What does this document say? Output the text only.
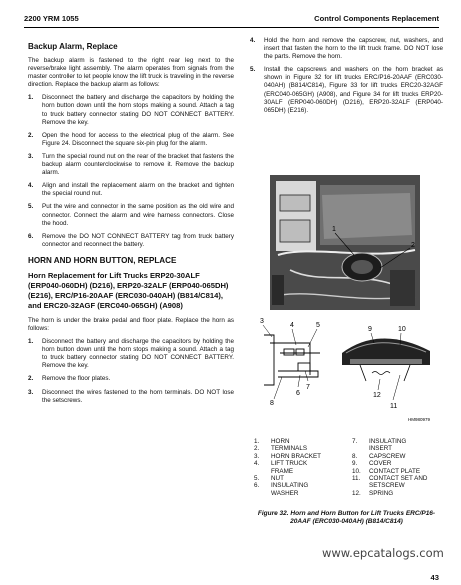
2200 YRM 1055	Control Components Replacement
Backup Alarm, Replace

The backup alarm is fastened to the right rear leg next to the reverse/brake light assembly. The alarm operates from signals from the master controller to let people know the lift truck is traveling in the reverse direction. Replace the backup alarm as follows:

1. Disconnect the battery and discharge the capacitors by holding the horn button down until the horn stops making a sound. Attach a tag to truck battery connector stating DO NOT CONNECT BATTERY. Remove the key.
2. Open the hood for access to the electrical plug of the alarm. See Figure 24. Disconnect the square six-pin plug for the alarm.
3. Turn the special round nut on the rear of the bracket that fastens the backup alarm counterclockwise to remove it. Remove the backup alarm.
4. Align and install the replacement alarm on the bracket and tighten the special round nut.
5. Put the wire and connector in the same position as the old wire and connector. Connect the alarm and wire harness connectors. Close the hood.
6. Remove the DO NOT CONNECT BATTERY tag from truck battery connector and reconnect the battery.
HORN AND HORN BUTTON, REPLACE
Horn Replacement for Lift Trucks ERP20-30ALF (ERP040-060DH) (D216), ERP20-32ALF (ERP040-065DH) (E216), ERC/P16-20AAF (ERC030-040AH) (B814/C814), and ERC20-32AGF (ERC040-065GH) (A908)

The horn is under the brake pedal and floor plate. Replace the horn as follows:

1. Disconnect the battery and discharge the capacitors by holding the horn button down until the horn stops making a sound. Attach a tag to truck battery connector stating DO NOT CONNECT BATTERY. Remove the key.
2. Remove the floor plates.
3. Disconnect the wires fastened to the horn terminals. DO NOT lose the setscrews.
4. Hold the horn and remove the capscrew, nut, washers, and insert that fasten the horn to the lift truck frame. DO NOT lose the parts. Remove the horn.
5. Install the capscrews and washers on the horn bracket as shown in Figure 32 for lift trucks ERC/P16-20AAF (ERC030-040AH) (B814/C814), Figure 33 for lift trucks ERC20-32AGF (ERC040-065GH) (A908), and Figure 34 for lift trucks ERP20-30ALF (ERP040-060DH) (D216), ERP20-32ALF (ERP040-065DH) (E216).
1
2
3
4	5
6
7
8
9	10
11
12
HM980979
1. HORN
2. TERMINALS
3. HORN BRACKET
4. LIFT TRUCK FRAME
5. NUT
6. INSULATING WASHER
7. INSULATING INSERT
8. CAPSCREW
9. COVER
10. CONTACT PLATE
11. CONTACT SET AND SETSCREW
12. SPRING
Figure 32. Horn and Horn Button for Lift Trucks ERC/P16-20AAF (ERC030-040AH) (B814/C814)
www.epcatalogs.com
43
